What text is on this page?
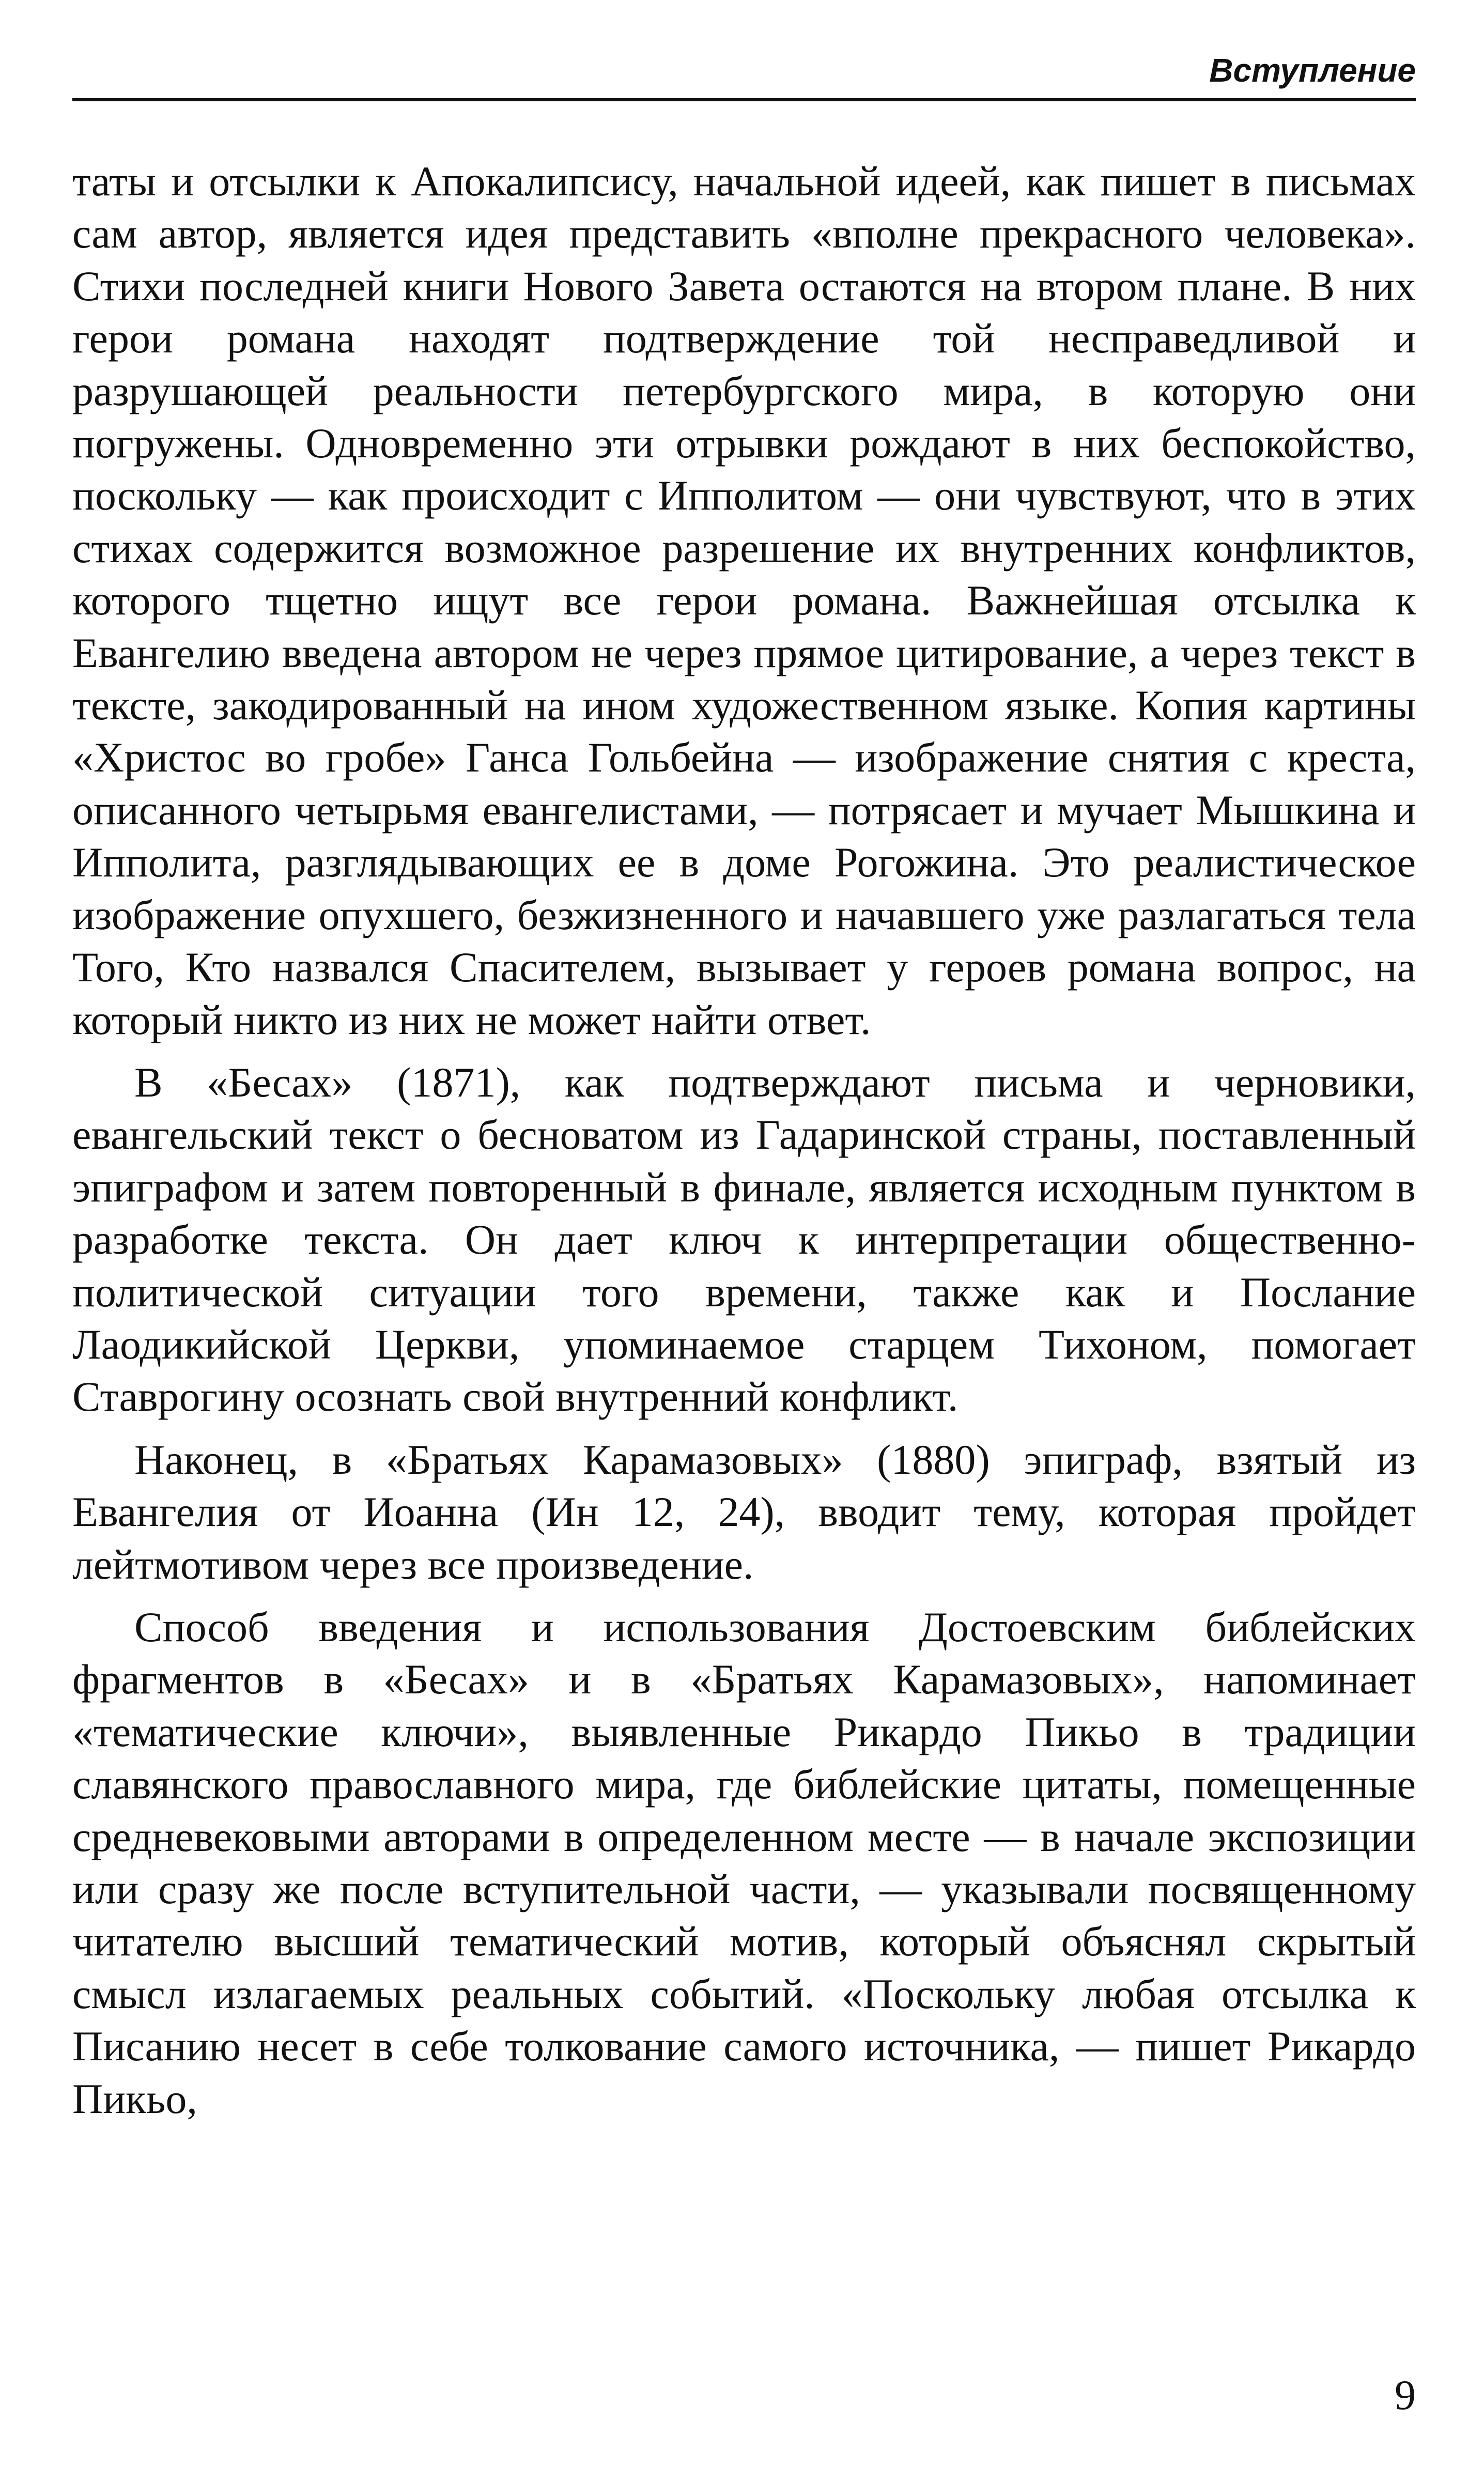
Вступление

таты и отсылки к Апокалипсису, начальной идеей, как пишет в письмах сам автор, является идея представить «вполне прекрасного человека». Стихи последней книги Нового Завета остаются на втором плане. В них герои романа находят подтверждение той несправедливой и разрушающей реальности петербургского мира, в которую они погружены. Одновременно эти отрывки рождают в них беспокойство, поскольку — как происходит с Ипполитом — они чувствуют, что в этих стихах содержится возможное разрешение их внутренних конфликтов, которого тщетно ищут все герои романа. Важнейшая отсылка к Евангелию введена автором не через прямое цитирование, а через текст в тексте, закодированный на ином художественном языке. Копия картины «Христос во гробе» Ганса Гольбейна — изображение снятия с креста, описанного четырьмя евангелистами, — потрясает и мучает Мышкина и Ипполита, разглядывающих ее в доме Рогожина. Это реалистическое изображение опухшего, безжизненного и начавшего уже разлагаться тела Того, Кто назвался Спасителем, вызывает у героев романа вопрос, на который никто из них не может найти ответ.

В «Бесах» (1871), как подтверждают письма и черновики, евангельский текст о бесноватом из Гадаринской страны, поставленный эпиграфом и затем повторенный в финале, является исходным пунктом в разработке текста. Он дает ключ к интерпретации общественно-политической ситуации того времени, также как и Послание Лаодикийской Церкви, упоминаемое старцем Тихоном, помогает Ставрогину осознать свой внутренний конфликт.

Наконец, в «Братьях Карамазовых» (1880) эпиграф, взятый из Евангелия от Иоанна (Ин 12, 24), вводит тему, которая пройдет лейтмотивом через все произведение.

Способ введения и использования Достоевским библейских фрагментов в «Бесах» и в «Братьях Карамазовых», напоминает «тематические ключи», выявленные Рикардо Пикьо в традиции славянского православного мира, где библейские цитаты, помещенные средневековыми авторами в определенном месте — в начале экспозиции или сразу же после вступительной части, — указывали посвященному читателю высший тематический мотив, который объяснял скрытый смысл излагаемых реальных событий. «Поскольку любая отсылка к Писанию несет в себе толкование самого источника, — пишет Рикардо Пикьо,

9
